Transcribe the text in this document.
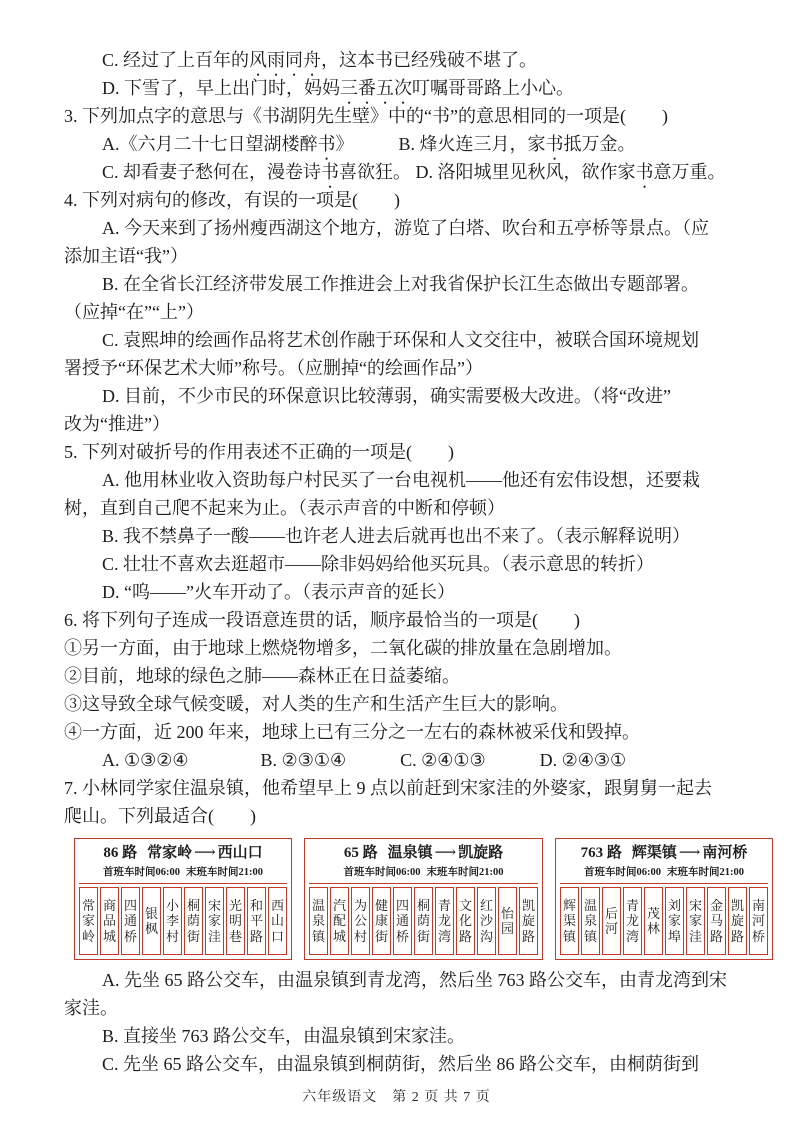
C. 经过了上百年的风雨同舟，这本书已经残破不堪了。
D. 下雪了，早上出门时，妈妈三番五次叮嘱哥哥路上小心。
3. 下列加点字的意思与《书湖阴先生壁》中的“书”的意思相同的一项是(　　)
A.《六月二十七日望湖楼醉书》　　　B. 烽火连三月，家书抵万金。
C. 却看妻子愁何在，漫卷诗书喜欲狂。 D. 洛阳城里见秋风，欲作家书意万重。
4. 下列对病句的修改，有误的一项是(　　)
A. 今天来到了扬州瘦西湖这个地方，游览了白塔、吹台和五亭桥等景点。（应
添加主语“我”）
B. 在全省长江经济带发展工作推进会上对我省保护长江生态做出专题部署。
（应掉“在”“上”）
C. 袁熙坤的绘画作品将艺术创作融于环保和人文交往中，被联合国环境规划
署授予“环保艺术大师”称号。（应删掉“的绘画作品”）
D. 目前，不少市民的环保意识比较薄弱，确实需要极大改进。（将“改进”
改为“推进”）
5. 下列对破折号的作用表述不正确的一项是(　　)
A. 他用林业收入资助每户村民买了一台电视机——他还有宏伟设想，还要栽
树，直到自己爬不起来为止。（表示声音的中断和停顿）
B. 我不禁鼻子一酸——也许老人进去后就再也出不来了。（表示解释说明）
C. 壮壮不喜欢去逛超市——除非妈妈给他买玩具。（表示意思的转折）
D. “呜——”火车开动了。（表示声音的延长）
6. 将下列句子连成一段语意连贯的话，顺序最恰当的一项是(　　)
①另一方面，由于地球上燃烧物增多，二氧化碳的排放量在急剧增加。
②目前，地球的绿色之肺——森林正在日益萎缩。
③这导致全球气候变暖，对人类的生产和生活产生巨大的影响。
④一方面，近 200 年来，地球上已有三分之一左右的森林被采伐和毁掉。
A. ①③②④　　　　B. ②③①④　　　C. ②④①③　　　D. ②④③①
7. 小林同学家住温泉镇，他希望早上 9 点以前赶到宋家洼的外婆家，跟舅舅一起去
爬山。下列最适合(　　)
86 路 常家岭 ⟶ 西山口
首班车时间06:00 末班车时间21:00
常家岭
商品城
四通桥
银枫
小李村
桐荫街
宋家洼
光明巷
和平路
西山口
65 路 温泉镇 ⟶ 凯旋路
首班车时间06:00 末班车时间21:00
温泉镇
汽配城
为公村
健康街
四通桥
桐荫街
青龙湾
文化路
红沙沟
怡园
凯旋路
763 路 辉渠镇 ⟶ 南河桥
首班车时间06:00 末班车时间21:00
辉渠镇
温泉镇
后河
青龙湾
茂林
刘家埠
宋家洼
金马路
凯旋路
南河桥
A. 先坐 65 路公交车，由温泉镇到青龙湾，然后坐 763 路公交车，由青龙湾到宋
家洼。
B. 直接坐 763 路公交车，由温泉镇到宋家洼。
C. 先坐 65 路公交车，由温泉镇到桐荫街，然后坐 86 路公交车，由桐荫街到
六年级语文　第 2 页 共 7 页
